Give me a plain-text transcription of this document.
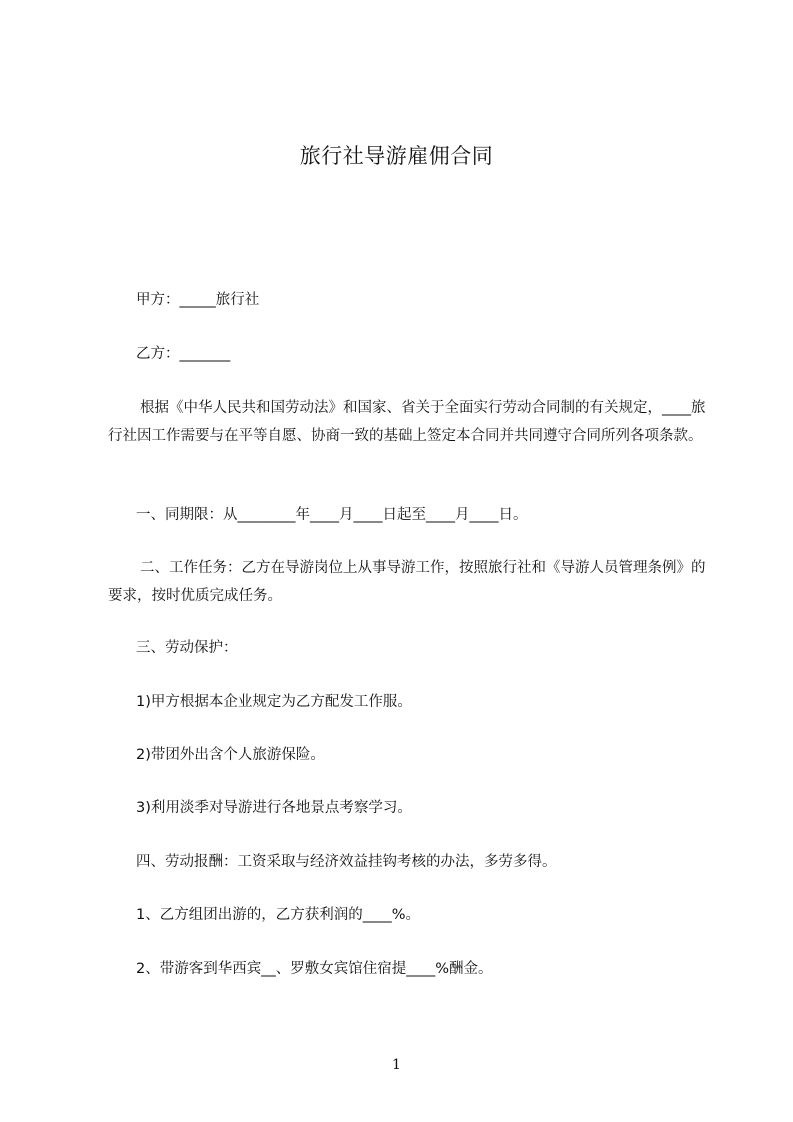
旅行社导游雇佣合同
甲方：_____旅行社
乙方：_______
根据《中华人民共和国劳动法》和国家、省关于全面实行劳动合同制的有关规定，____旅行社因工作需要与在平等自愿、协商一致的基础上签定本合同并共同遵守合同所列各项条款。
一、同期限：从________年____月____日起至____月____日。
二、工作任务：乙方在导游岗位上从事导游工作，按照旅行社和《导游人员管理条例》的要求，按时优质完成任务。
三、劳动保护：
1)甲方根据本企业规定为乙方配发工作服。
2)带团外出含个人旅游保险。
3)利用淡季对导游进行各地景点考察学习。
四、劳动报酬：工资采取与经济效益挂钩考核的办法，多劳多得。
1、乙方组团出游的，乙方获利润的____%。
2、带游客到华西宾__、罗敷女宾馆住宿提____%酬金。
1
